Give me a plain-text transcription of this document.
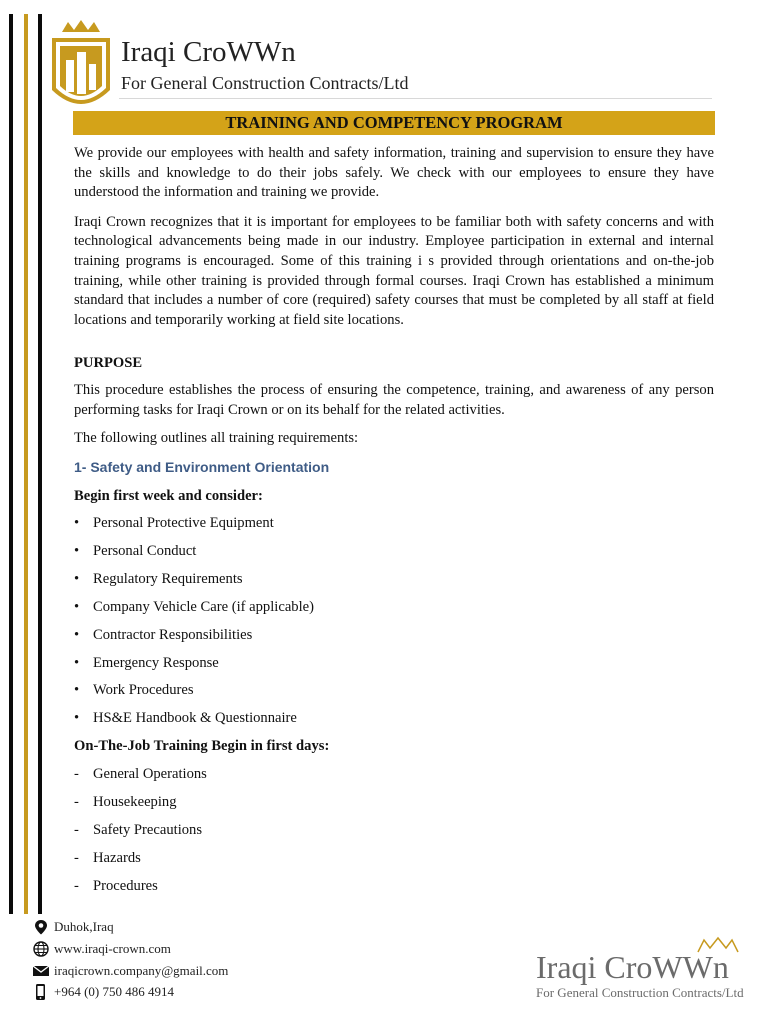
Iraqi CroWWn
For General Construction Contracts/Ltd
TRAINING AND COMPETENCY PROGRAM

We provide our employees with health and safety information, training and supervision to ensure they have the skills and knowledge to do their jobs safely. We check with our employees to ensure they have understood the information and training we provide.

Iraqi Crown recognizes that it is important for employees to be familiar both with safety concerns and with technological advancements being made in our industry. Employee participation in external and internal training programs is encouraged. Some of this training i s provided through orientations and on-the-job training, while other training is provided through formal courses. Iraqi Crown has established a minimum standard that includes a number of core (required) safety courses that must be completed by all staff at field locations and temporarily working at field site locations.

PURPOSE
This procedure establishes the process of ensuring the competence, training, and awareness of any person performing tasks for Iraqi Crown or on its behalf for the related activities.
The following outlines all training requirements:
1- Safety and Environment Orientation
Begin first week and consider:
• Personal Protective Equipment
• Personal Conduct
• Regulatory Requirements
• Company Vehicle Care (if applicable)
• Contractor Responsibilities
• Emergency Response
• Work Procedures
• HS&E Handbook & Questionnaire
On-The-Job Training Begin in first days:
- General Operations
- Housekeeping
- Safety Precautions
- Hazards
- Procedures
Duhok,Iraq
www.iraqi-crown.com
iraqicrown.company@gmail.com
+964 (0) 750 486 4914
Iraqi CroWWn
For General Construction Contracts/Ltd
